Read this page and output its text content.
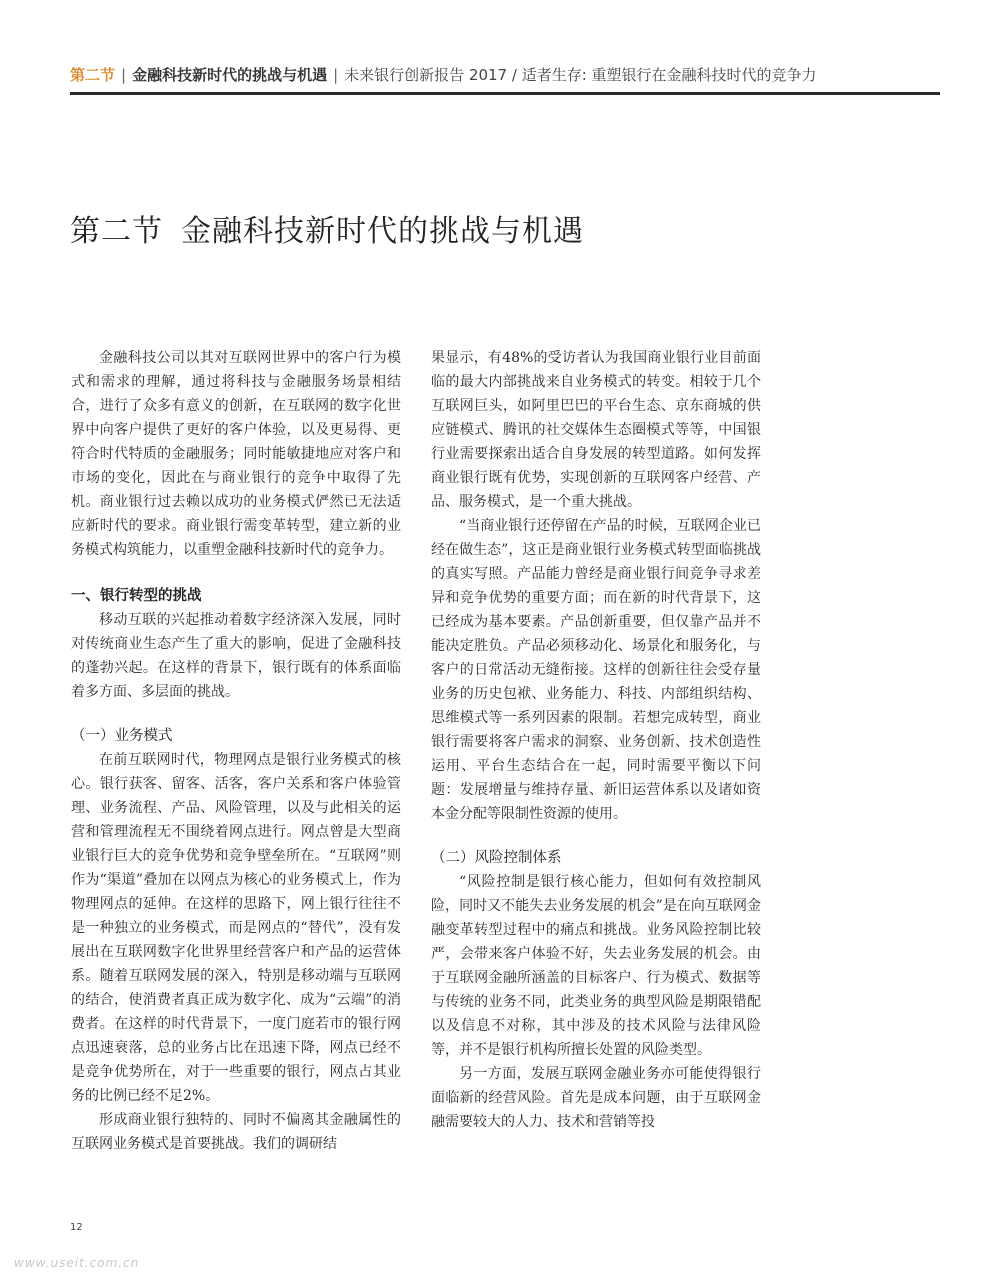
第二节 | 金融科技新时代的挑战与机遇 | 未来银行创新报告 2017 / 适者生存: 重塑银行在金融科技时代的竞争力
第二节 金融科技新时代的挑战与机遇

金融科技公司以其对互联网世界中的客户行为模式和需求的理解，通过将科技与金融服务场景相结合，进行了众多有意义的创新，在互联网的数字化世界中向客户提供了更好的客户体验，以及更易得、更符合时代特质的金融服务；同时能敏捷地应对客户和市场的变化，因此在与商业银行的竞争中取得了先机。商业银行过去赖以成功的业务模式俨然已无法适应新时代的要求。商业银行需变革转型，建立新的业务模式构筑能力，以重塑金融科技新时代的竞争力。

一、银行转型的挑战

移动互联的兴起推动着数字经济深入发展，同时对传统商业生态产生了重大的影响，促进了金融科技的蓬勃兴起。在这样的背景下，银行既有的体系面临着多方面、多层面的挑战。

（一）业务模式

在前互联网时代，物理网点是银行业务模式的核心。银行获客、留客、活客，客户关系和客户体验管理、业务流程、产品、风险管理，以及与此相关的运营和管理流程无不围绕着网点进行。网点曾是大型商业银行巨大的竞争优势和竞争壁垒所在。“互联网”则作为“渠道”叠加在以网点为核心的业务模式上，作为物理网点的延伸。在这样的思路下，网上银行往往不是一种独立的业务模式，而是网点的“替代”，没有发展出在互联网数字化世界里经营客户和产品的运营体系。随着互联网发展的深入，特别是移动端与互联网的结合，使消费者真正成为数字化、成为“云端”的消费者。在这样的时代背景下，一度门庭若市的银行网点迅速衰落，总的业务占比在迅速下降，网点已经不是竞争优势所在，对于一些重要的银行，网点占其业务的比例已经不足2%。

形成商业银行独特的、同时不偏离其金融属性的互联网业务模式是首要挑战。我们的调研结

果显示，有48%的受访者认为我国商业银行业目前面临的最大内部挑战来自业务模式的转变。相较于几个互联网巨头，如阿里巴巴的平台生态、京东商城的供应链模式、腾讯的社交媒体生态圈模式等等，中国银行业需要探索出适合自身发展的转型道路。如何发挥商业银行既有优势，实现创新的互联网客户经营、产品、服务模式，是一个重大挑战。

“当商业银行还停留在产品的时候，互联网企业已经在做生态”，这正是商业银行业务模式转型面临挑战的真实写照。产品能力曾经是商业银行间竞争寻求差异和竞争优势的重要方面；而在新的时代背景下，这已经成为基本要素。产品创新重要，但仅靠产品并不能决定胜负。产品必须移动化、场景化和服务化，与客户的日常活动无缝衔接。这样的创新往往会受存量业务的历史包袱、业务能力、科技、内部组织结构、思维模式等一系列因素的限制。若想完成转型，商业银行需要将客户需求的洞察、业务创新、技术创造性运用、平台生态结合在一起，同时需要平衡以下问题：发展增量与维持存量、新旧运营体系以及诸如资本金分配等限制性资源的使用。

（二）风险控制体系

“风险控制是银行核心能力，但如何有效控制风险，同时又不能失去业务发展的机会”是在向互联网金融变革转型过程中的痛点和挑战。业务风险控制比较严，会带来客户体验不好，失去业务发展的机会。由于互联网金融所涵盖的目标客户、行为模式、数据等与传统的业务不同，此类业务的典型风险是期限错配以及信息不对称，其中涉及的技术风险与法律风险等，并不是银行机构所擅长处置的风险类型。

另一方面，发展互联网金融业务亦可能使得银行面临新的经营风险。首先是成本问题，由于互联网金融需要较大的人力、技术和营销等投

12
www.useit.com.cn
